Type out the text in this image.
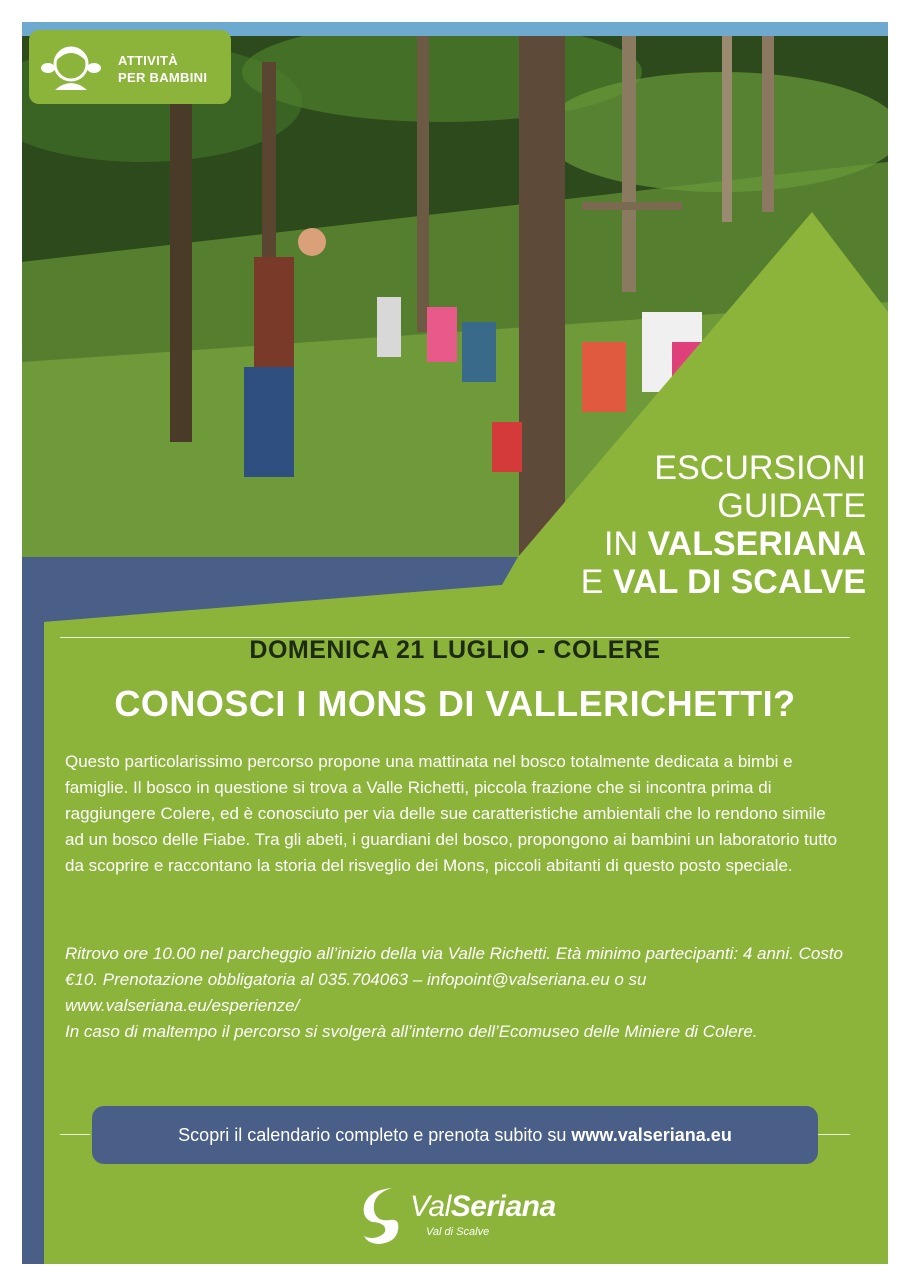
ATTIVITÀ
PER BAMBINI
ESCURSIONI
GUIDATE
IN VALSERIANA
E VAL DI SCALVE
DOMENICA 21 LUGLIO - COLERE
CONOSCI I MONS DI VALLERICHETTI?
Questo particolarissimo percorso propone una mattinata nel bosco totalmente dedicata a bimbi e famiglie. Il bosco in questione si trova a Valle Richetti, piccola frazione che si incontra prima di raggiungere Colere, ed è conosciuto per via delle sue caratteristiche ambientali che lo rendono simile ad un bosco delle Fiabe. Tra gli abeti, i guardiani del bosco, propongono ai bambini un laboratorio tutto da scoprire e raccontano la storia del risveglio dei Mons, piccoli abitanti di questo posto speciale.
Ritrovo ore 10.00 nel parcheggio all’inizio della via Valle Richetti. Età minimo partecipanti: 4 anni. Costo €10. Prenotazione obbligatoria al 035.704063 – infopoint@valseriana.eu o su www.valseriana.eu/esperienze/
In caso di maltempo il percorso si svolgerà all’interno dell’Ecomuseo delle Miniere di Colere.
Scopri il calendario completo e prenota subito su www.valseriana.eu
ValSeriana
Val di Scalve
